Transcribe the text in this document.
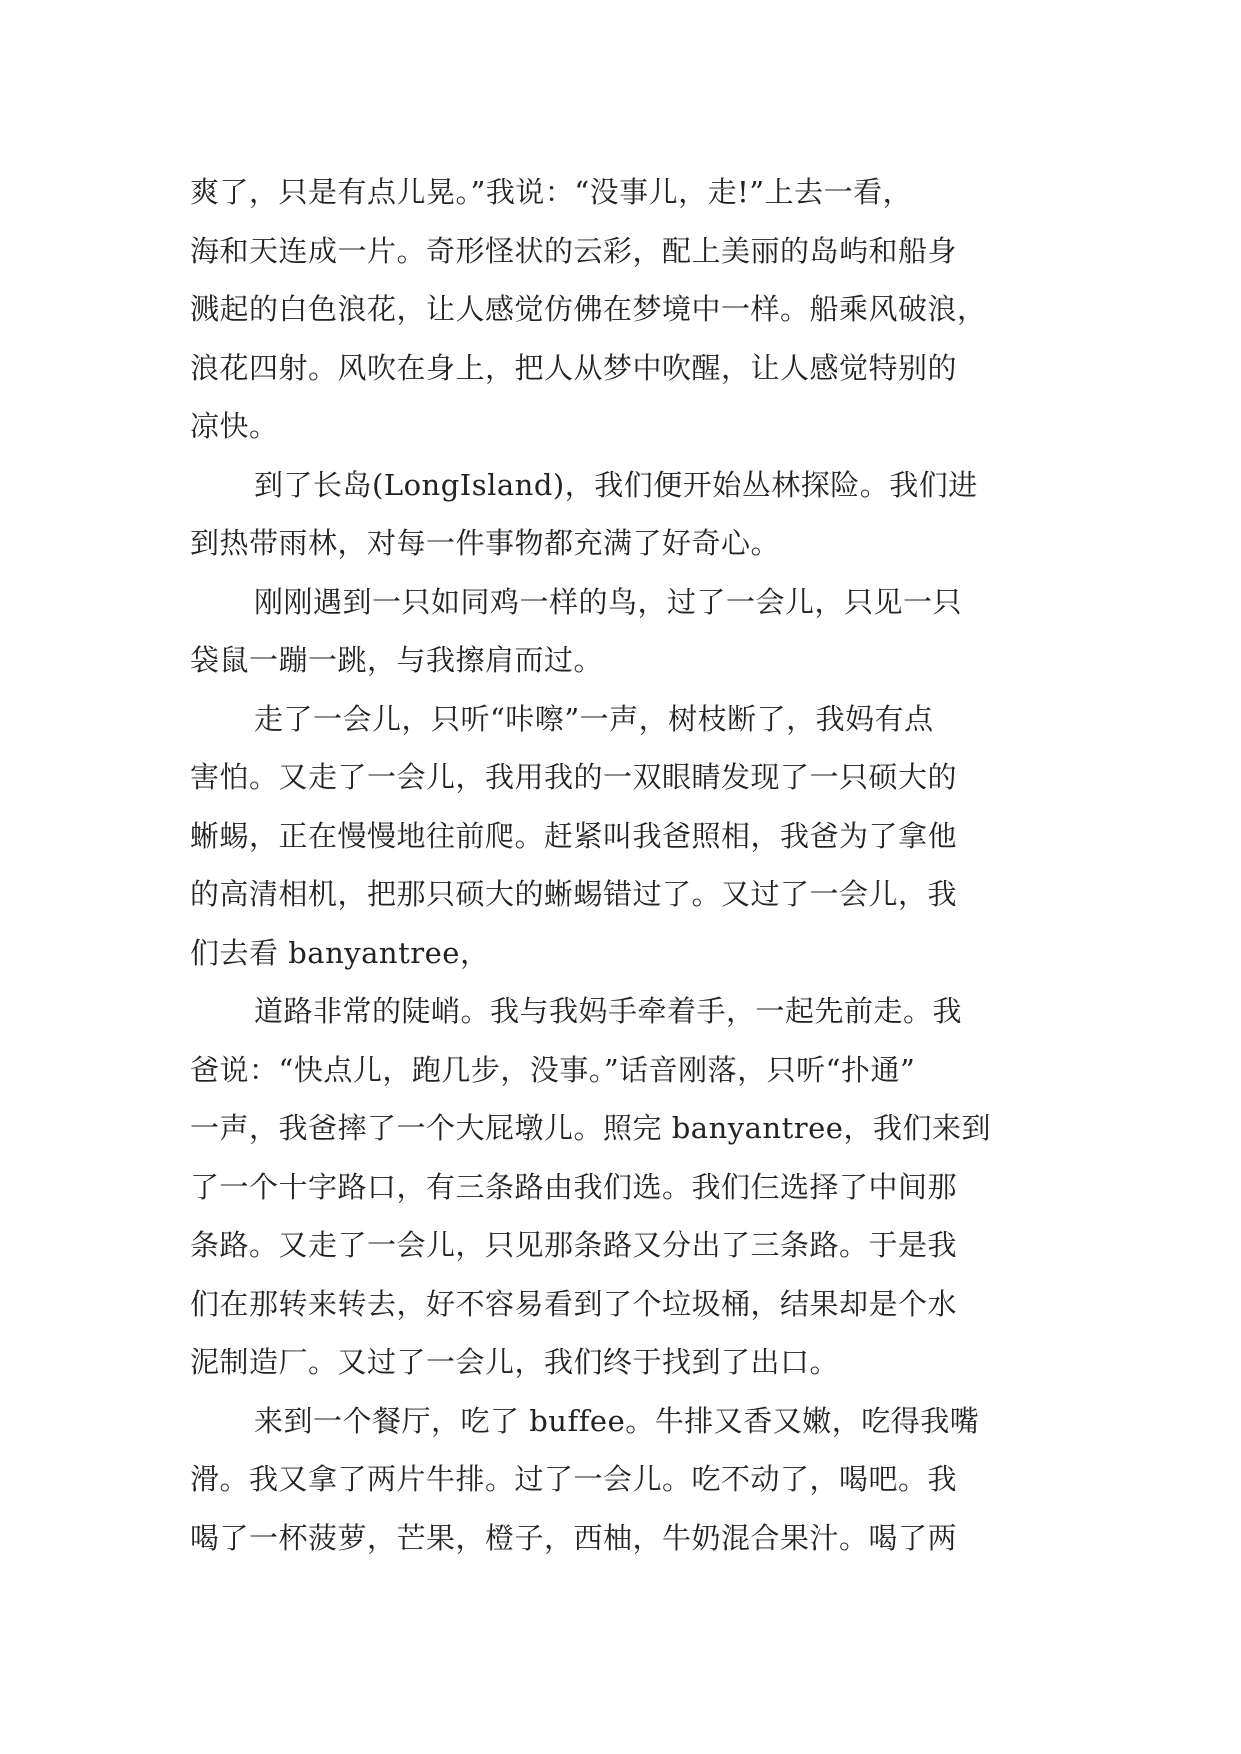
爽了，只是有点儿晃。”我说：“没事儿，走!”上去一看，
海和天连成一片。奇形怪状的云彩，配上美丽的岛屿和船身
溅起的白色浪花，让人感觉仿佛在梦境中一样。船乘风破浪，
浪花四射。风吹在身上，把人从梦中吹醒，让人感觉特别的
凉快。

到了长岛(LongIsland)，我们便开始丛林探险。我们进
到热带雨林，对每一件事物都充满了好奇心。

刚刚遇到一只如同鸡一样的鸟，过了一会儿，只见一只
袋鼠一蹦一跳，与我擦肩而过。

走了一会儿，只听“咔嚓”一声，树枝断了，我妈有点
害怕。又走了一会儿，我用我的一双眼睛发现了一只硕大的
蜥蜴，正在慢慢地往前爬。赶紧叫我爸照相，我爸为了拿他
的高清相机，把那只硕大的蜥蜴错过了。又过了一会儿，我
们去看 banyantree，

道路非常的陡峭。我与我妈手牵着手，一起先前走。我
爸说：“快点儿，跑几步，没事。”话音刚落，只听“扑通”
一声，我爸摔了一个大屁墩儿。照完 banyantree，我们来到
了一个十字路口，有三条路由我们选。我们仨选择了中间那
条路。又走了一会儿，只见那条路又分出了三条路。于是我
们在那转来转去，好不容易看到了个垃圾桶，结果却是个水
泥制造厂。又过了一会儿，我们终于找到了出口。

来到一个餐厅，吃了 buffee。牛排又香又嫩，吃得我嘴
滑。我又拿了两片牛排。过了一会儿。吃不动了，喝吧。我
喝了一杯菠萝，芒果，橙子，西柚，牛奶混合果汁。喝了两
